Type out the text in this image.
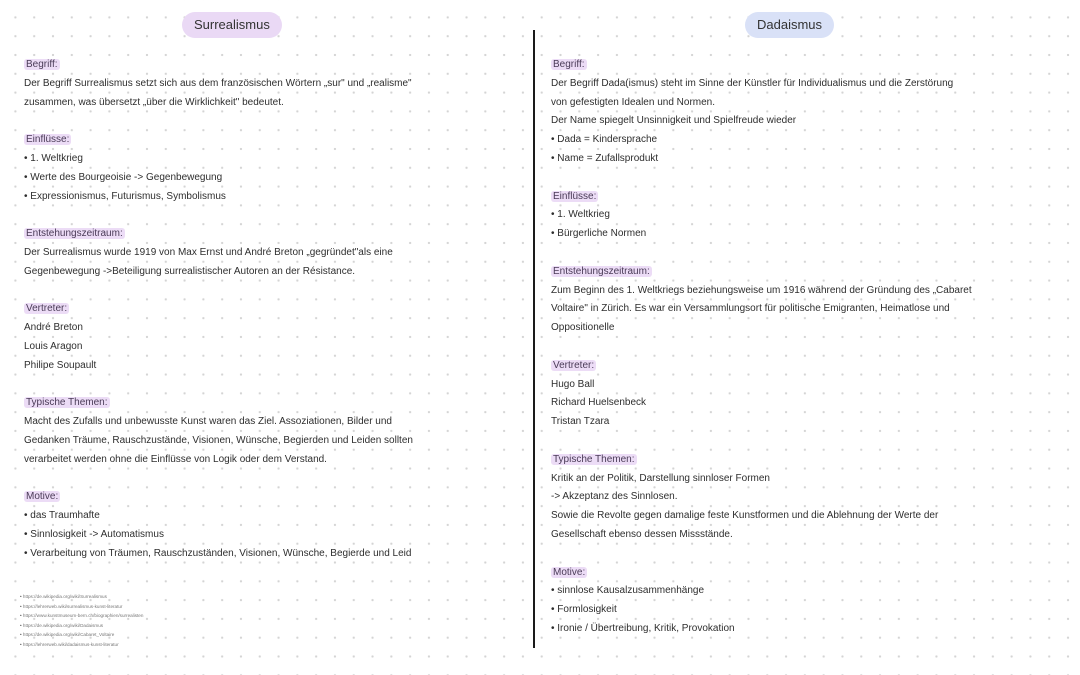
Surrealismus
Begriff:
Der Begriff Surrealismus setzt sich aus dem französischen Wörtern „sur" und „realisme"
zusammen, was übersetzt „über die Wirklichkeit" bedeutet.
Einflüsse:
• 1. Weltkrieg
• Werte des Bourgeoisie -> Gegenbewegung
• Expressionismus, Futurismus, Symbolismus
Entstehungszeitraum:
Der Surrealismus wurde 1919 von Max Ernst und André Breton „gegründet"als eine
Gegenbewegung ->Beteiligung surrealistischer Autoren an der Résistance.
Vertreter:
André Breton
Louis Aragon
Philipe Soupault
Typische Themen:
Macht des Zufalls und unbewusste Kunst waren das Ziel. Assoziationen, Bilder und
Gedanken Träume, Rauschzustände, Visionen, Wünsche, Begierden und Leiden sollten
verarbeitet werden ohne die Einflüsse von Logik oder dem Verstand.
Motive:
• das Traumhafte
• Sinnlosigkeit -> Automatismus
• Verarbeitung von Träumen, Rauschzuständen, Visionen, Wünsche, Begierde und Leid
Dadaismus
Begriff:
Der Begriff Dada(ismus) steht im Sinne der Künstler für Individualismus und die Zerstörung
von gefestigten Idealen und Normen.
Der Name spiegelt Unsinnigkeit und Spielfreude wieder
• Dada = Kindersprache
• Name = Zufallsprodukt
Einflüsse:
• 1. Weltkrieg
• Bürgerliche Normen
Entstehungszeitraum:
Zum Beginn des 1. Weltkriegs beziehungsweise um 1916 während der Gründung des „Cabaret
Voltaire" in Zürich. Es war ein Versammlungsort für politische Emigranten, Heimatlose und
Oppositionelle
Vertreter:
Hugo Ball
Richard Huelsenbeck
Tristan Tzara
Typische Themen:
Kritik an der Politik, Darstellung sinnloser Formen
-> Akzeptanz des Sinnlosen.
Sowie die Revolte gegen damalige feste Kunstformen und die Ablehnung der Werte der
Gesellschaft ebenso dessen Missstände.
Motive:
• sinnlose Kausalzusammenhänge
• Formlosigkeit
• Ironie / Übertreibung, Kritik, Provokation
• https://de.wikipedia.org/wiki/Surrealismus
• https://lehrerweb.wiki/surrealismus-kunst-literatur
• https://www.kunstmuseum-bern.ch/biographien/surrealisten
• https://de.wikipedia.org/wiki/Dadaismus
• https://de.wikipedia.org/wiki/Cabaret_Voltaire
• https://lehrerweb.wiki/dadaismus-kunst-literatur
